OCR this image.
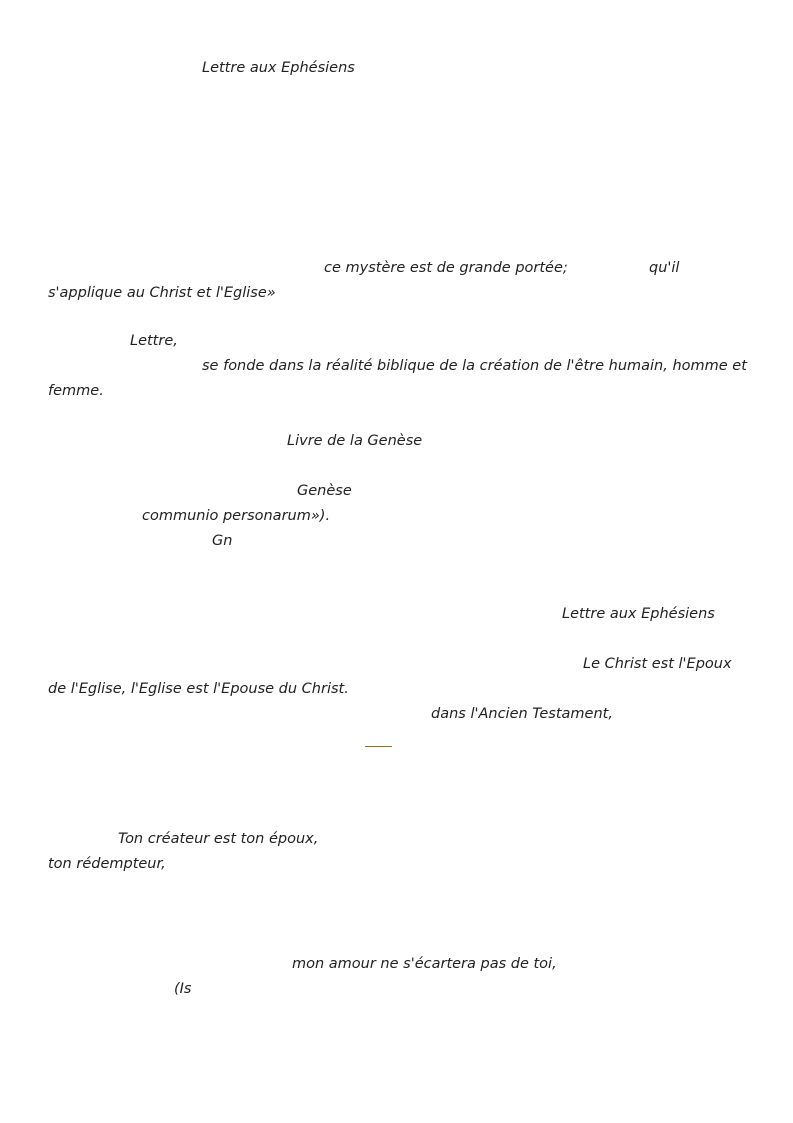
Lettre aux Ephésiens
ce mystère est de grande portée;	qu'il
s'applique au Christ et l'Eglise»
Lettre,
se fonde dans la réalité biblique de la création de l'être humain, homme et
femme.
Livre de la Genèse
Genèse
communio personarum»).
Gn
Lettre aux Ephésiens
Le Christ est l'Epoux
de l'Eglise, l'Eglise est l'Epouse du Christ.
dans l'Ancien Testament,
Ton créateur est ton époux,
ton rédempteur,
mon amour ne s'écartera pas de toi,
(Is
